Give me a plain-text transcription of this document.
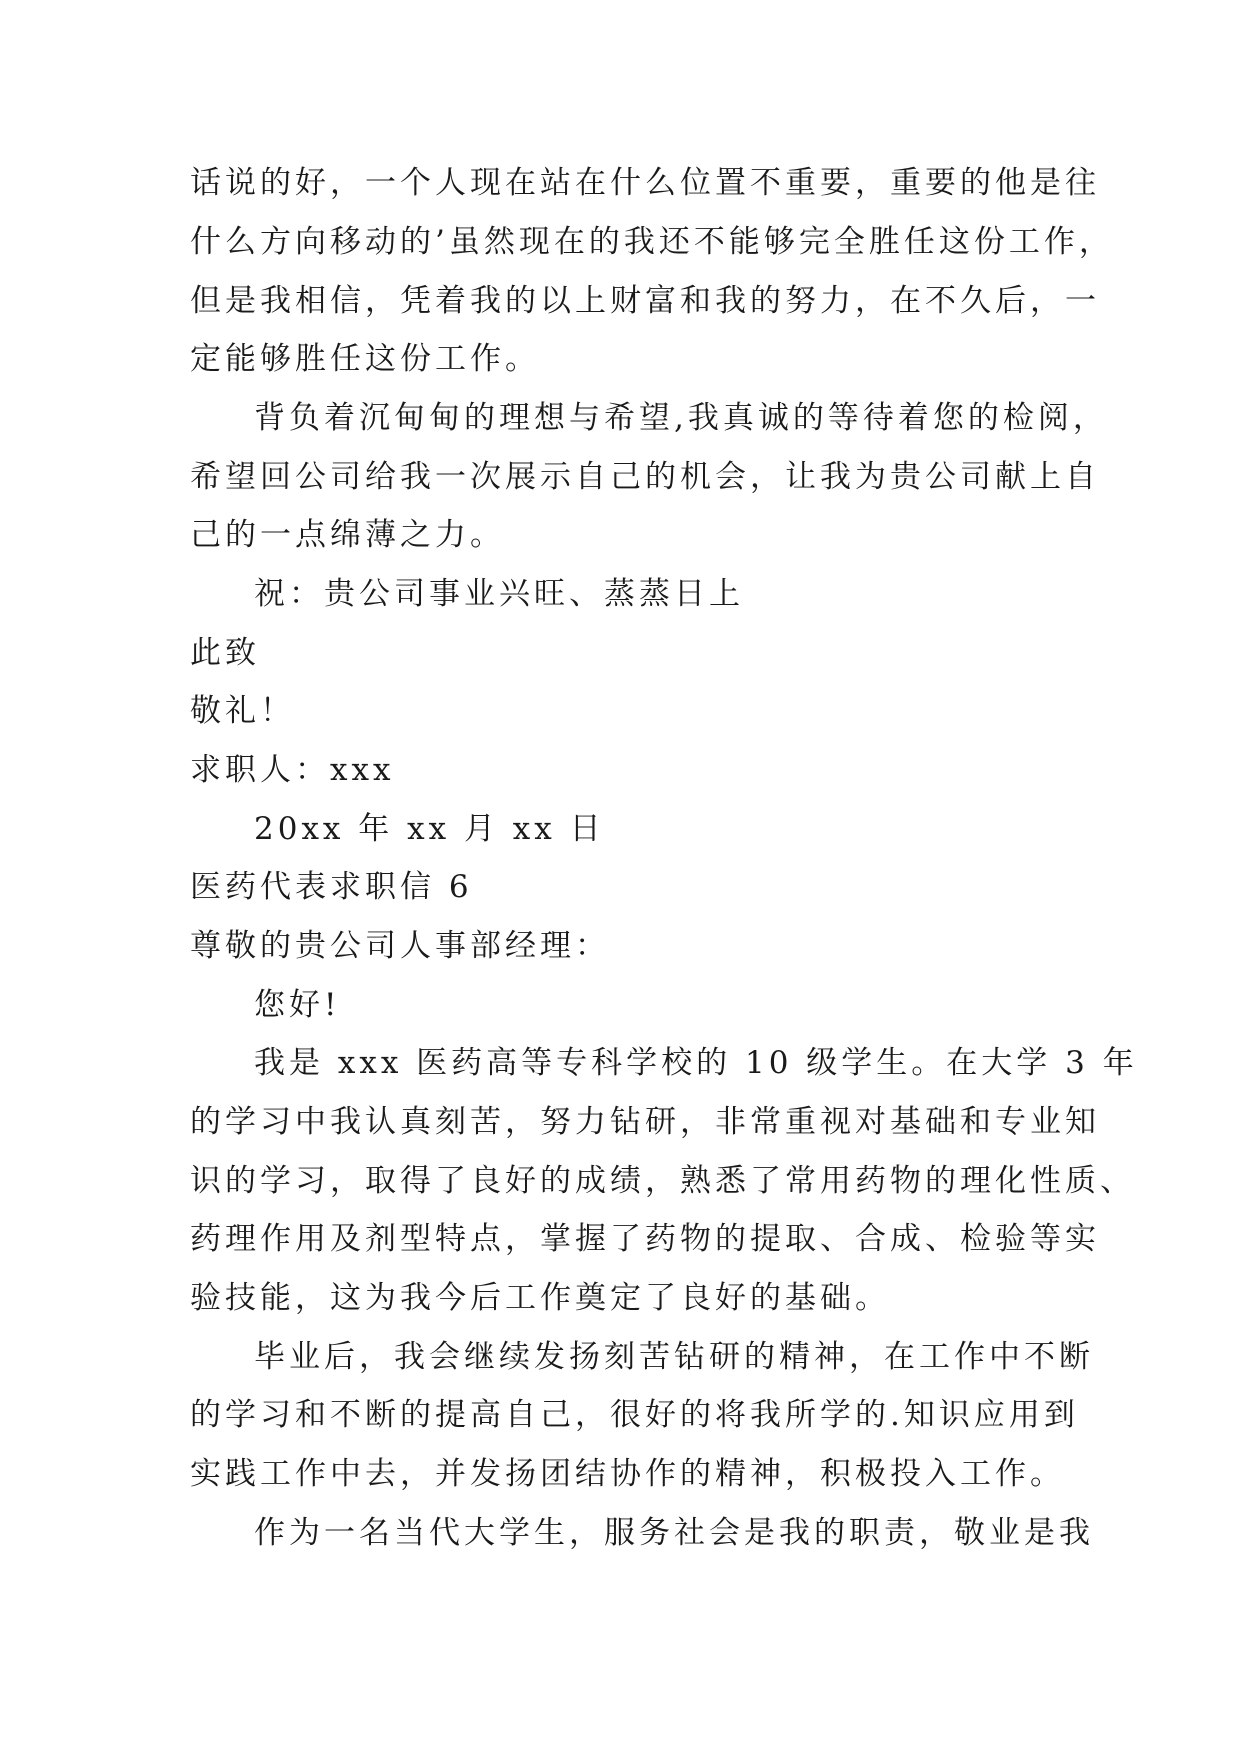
话说的好，一个人现在站在什么位置不重要，重要的他是往
什么方向移动的’虽然现在的我还不能够完全胜任这份工作，
但是我相信，凭着我的以上财富和我的努力，在不久后，一
定能够胜任这份工作。
背负着沉甸甸的理想与希望,我真诚的等待着您的检阅，
希望回公司给我一次展示自己的机会，让我为贵公司献上自
己的一点绵薄之力。
祝：贵公司事业兴旺、蒸蒸日上
此致
敬礼！
求职人：xxx
20xx 年 xx 月 xx 日
医药代表求职信 6
尊敬的贵公司人事部经理：
您好!
我是 xxx 医药高等专科学校的 10 级学生。在大学 3 年
的学习中我认真刻苦，努力钻研，非常重视对基础和专业知
识的学习，取得了良好的成绩，熟悉了常用药物的理化性质、
药理作用及剂型特点，掌握了药物的提取、合成、检验等实
验技能，这为我今后工作奠定了良好的基础。
毕业后，我会继续发扬刻苦钻研的精神，在工作中不断
的学习和不断的提高自己，很好的将我所学的.知识应用到
实践工作中去，并发扬团结协作的精神，积极投入工作。
作为一名当代大学生，服务社会是我的职责，敬业是我
